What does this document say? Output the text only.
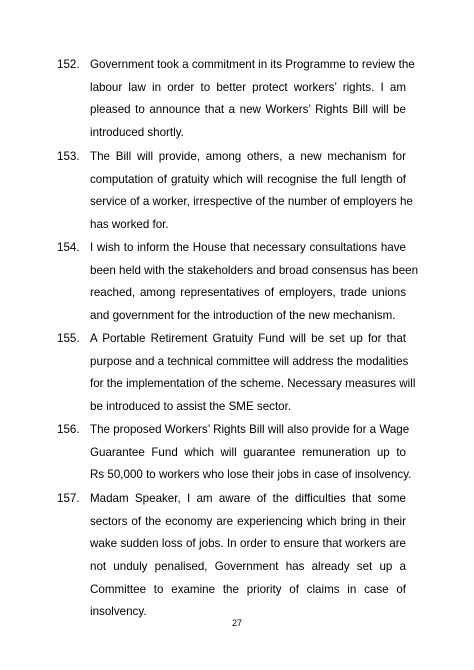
152. Government took a commitment in its Programme to review the
labour law in order to better protect workers’ rights. I am
pleased to announce that a new Workers’ Rights Bill will be
introduced shortly.
153. The Bill will provide, among others, a new mechanism for
computation of gratuity which will recognise the full length of
service of a worker, irrespective of the number of employers he
has worked for.
154. I wish to inform the House that necessary consultations have
been held with the stakeholders and broad consensus has been
reached, among representatives of employers, trade unions
and government for the introduction of the new mechanism.
155. A Portable Retirement Gratuity Fund will be set up for that
purpose and a technical committee will address the modalities
for the implementation of the scheme. Necessary measures will
be introduced to assist the SME sector.
156. The proposed Workers’ Rights Bill will also provide for a Wage
Guarantee Fund which will guarantee remuneration up to
Rs 50,000 to workers who lose their jobs in case of insolvency.
157. Madam Speaker, I am aware of the difficulties that some
sectors of the economy are experiencing which bring in their
wake sudden loss of jobs. In order to ensure that workers are
not unduly penalised, Government has already set up a
Committee to examine the priority of claims in case of
insolvency.
27
